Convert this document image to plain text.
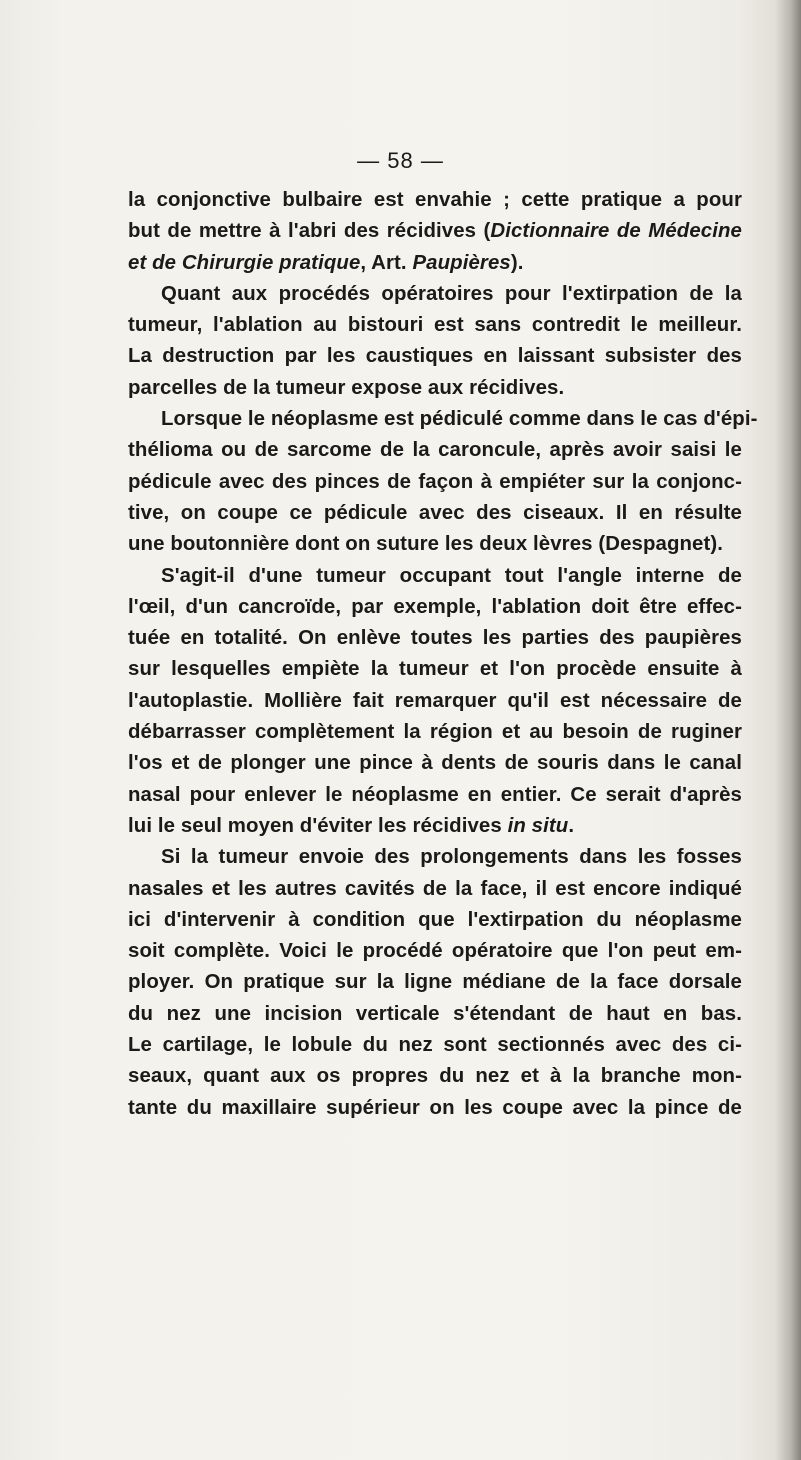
— 58 —
la conjonctive bulbaire est envahie ; cette pratique a pour
but de mettre à l'abri des récidives (Dictionnaire de Médecine
et de Chirurgie pratique, Art. Paupières).
Quant aux procédés opératoires pour l'extirpation de la
tumeur, l'ablation au bistouri est sans contredit le meilleur.
La destruction par les caustiques en laissant subsister des
parcelles de la tumeur expose aux récidives.
Lorsque le néoplasme est pédiculé comme dans le cas d'épi-
thélioma ou de sarcome de la caroncule, après avoir saisi le
pédicule avec des pinces de façon à empiéter sur la conjonc-
tive, on coupe ce pédicule avec des ciseaux. Il en résulte
une boutonnière dont on suture les deux lèvres (Despagnet).
S'agit-il d'une tumeur occupant tout l'angle interne de
l'œil, d'un cancroïde, par exemple, l'ablation doit être effec-
tuée en totalité. On enlève toutes les parties des paupières
sur lesquelles empiète la tumeur et l'on procède ensuite à
l'autoplastie. Mollière fait remarquer qu'il est nécessaire de
débarrasser complètement la région et au besoin de ruginer
l'os et de plonger une pince à dents de souris dans le canal
nasal pour enlever le néoplasme en entier. Ce serait d'après
lui le seul moyen d'éviter les récidives in situ.
Si la tumeur envoie des prolongements dans les fosses
nasales et les autres cavités de la face, il est encore indiqué
ici d'intervenir à condition que l'extirpation du néoplasme
soit complète. Voici le procédé opératoire que l'on peut em-
ployer. On pratique sur la ligne médiane de la face dorsale
du nez une incision verticale s'étendant de haut en bas.
Le cartilage, le lobule du nez sont sectionnés avec des ci-
seaux, quant aux os propres du nez et à la branche mon-
tante du maxillaire supérieur on les coupe avec la pince de
